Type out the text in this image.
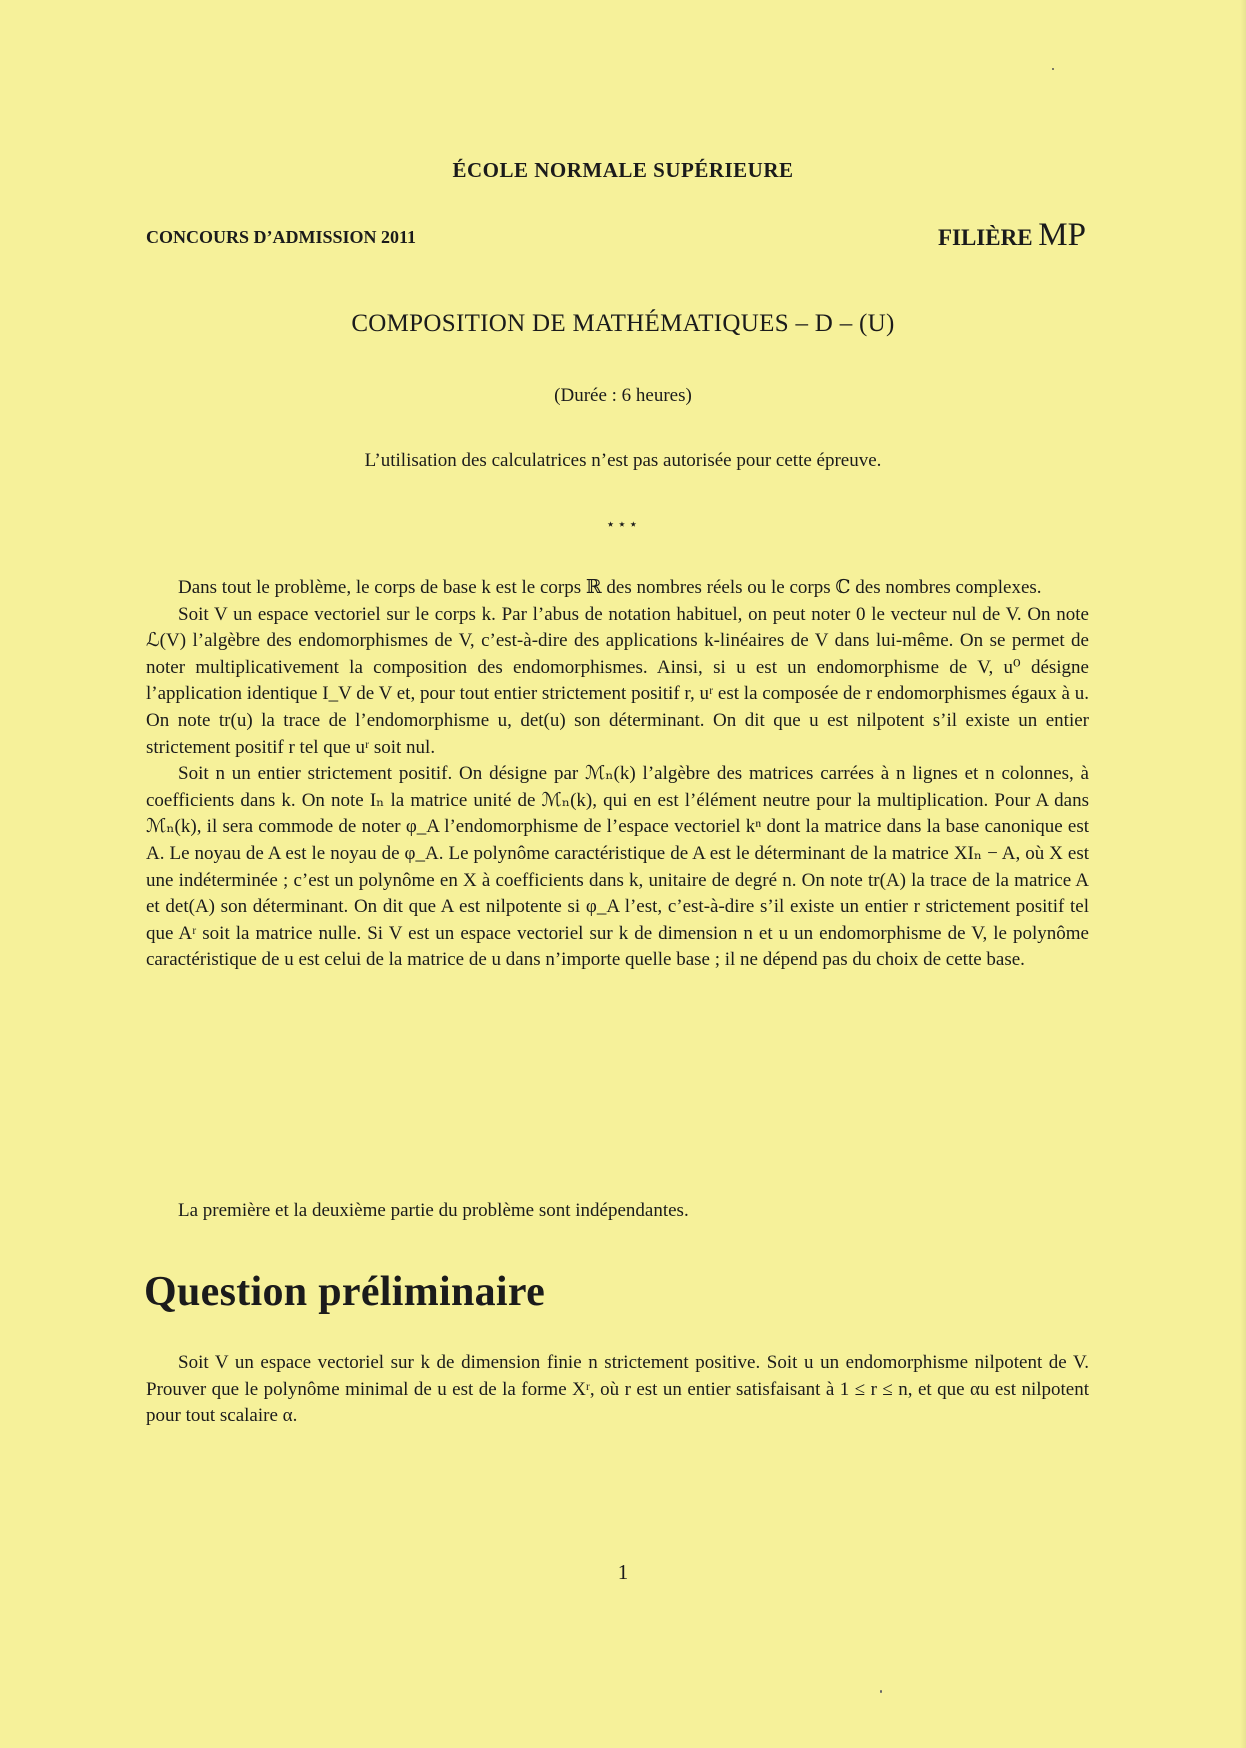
ÉCOLE NORMALE SUPÉRIEURE
CONCOURS D’ADMISSION 2011	FILIÈRE MP
COMPOSITION DE MATHÉMATIQUES – D – (U)
(Durée : 6 heures)
L’utilisation des calculatrices n’est pas autorisée pour cette épreuve.
⋆⋆⋆

Dans tout le problème, le corps de base k est le corps ℝ des nombres réels ou le corps ℂ des nombres complexes.

Soit V un espace vectoriel sur le corps k. Par l’abus de notation habituel, on peut noter 0 le vecteur nul de V. On note ℒ(V) l’algèbre des endomorphismes de V, c’est-à-dire des applications k-linéaires de V dans lui-même. On se permet de noter multiplicativement la composition des endomorphismes. Ainsi, si u est un endomorphisme de V, u⁰ désigne l’application identique I_V de V et, pour tout entier strictement positif r, uʳ est la composée de r endomorphismes égaux à u. On note tr(u) la trace de l’endomorphisme u, det(u) son déterminant. On dit que u est nilpotent s’il existe un entier strictement positif r tel que uʳ soit nul.

Soit n un entier strictement positif. On désigne par ℳₙ(k) l’algèbre des matrices carrées à n lignes et n colonnes, à coefficients dans k. On note Iₙ la matrice unité de ℳₙ(k), qui en est l’élément neutre pour la multiplication. Pour A dans ℳₙ(k), il sera commode de noter φ_A l’endomorphisme de l’espace vectoriel kⁿ dont la matrice dans la base canonique est A. Le noyau de A est le noyau de φ_A. Le polynôme caractéristique de A est le déterminant de la matrice XIₙ − A, où X est une indéterminée ; c’est un polynôme en X à coefficients dans k, unitaire de degré n. On note tr(A) la trace de la matrice A et det(A) son déterminant. On dit que A est nilpotente si φ_A l’est, c’est-à-dire s’il existe un entier r strictement positif tel que Aʳ soit la matrice nulle. Si V est un espace vectoriel sur k de dimension n et u un endomorphisme de V, le polynôme caractéristique de u est celui de la matrice de u dans n’importe quelle base ; il ne dépend pas du choix de cette base.

La première et la deuxième partie du problème sont indépendantes.
Question préliminaire

Soit V un espace vectoriel sur k de dimension finie n strictement positive. Soit u un endomorphisme nilpotent de V. Prouver que le polynôme minimal de u est de la forme Xʳ, où r est un entier satisfaisant à 1 ≤ r ≤ n, et que αu est nilpotent pour tout scalaire α.

1
